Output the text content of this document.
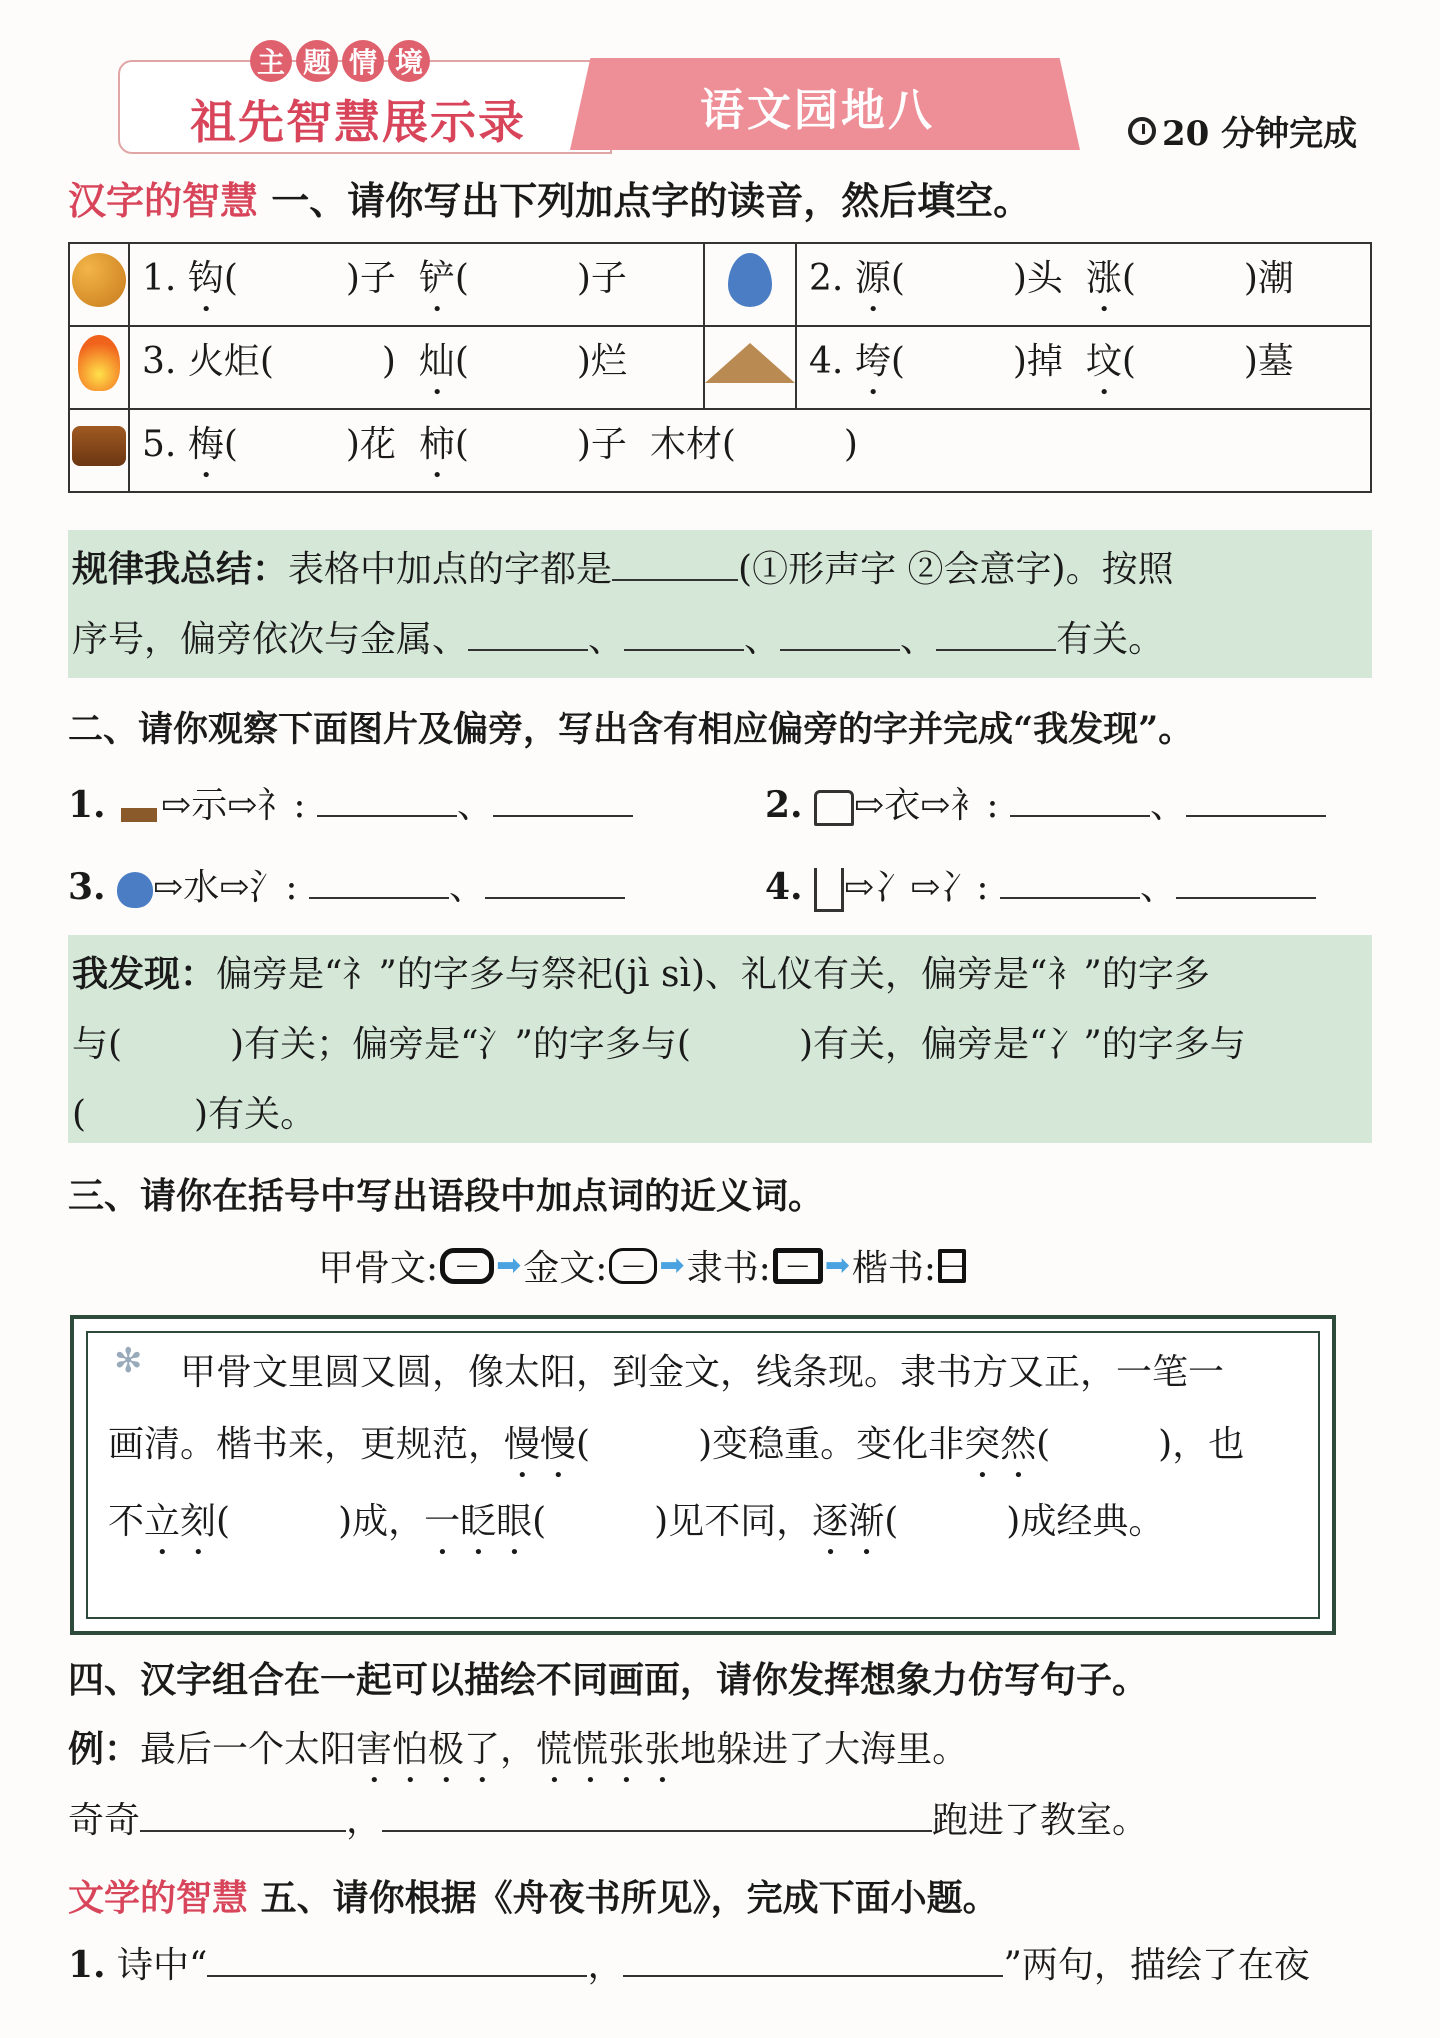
主 题 情 境
祖先智慧展示录	语文园地八	20 分钟完成
汉字的智慧 一、请你写出下列加点字的读音，然后填空。
	1. 钩(　　　)子 铲(　　　)子		2. 源(　　　)头 涨(　　　)潮
	3. 火炬(　　　) 灿(　　　)烂		4. 垮(　　　)掉 坟(　　　)墓
	5. 梅(　　　)花 柿(　　　)子 木材(　　　)		
规律我总结：表格中加点的字都是	(①形声字 ②会意字)。按照
序号，偏旁依次与金属、	、	、	、	有关。
二、请你观察下面图片及偏旁，写出含有相应偏旁的字并完成“我发现”。
1. ⇨⽰⇨礻:	、	2. ⇨⾐⇨衤:	、
3. ⇨⽔⇨氵:	、	4. ⇨⼎⇨冫:	、
我发现：偏旁是“礻”的字多与祭祀(jì sì)、礼仪有关，偏旁是“衤”的字多
与(　　　)有关；偏旁是“氵”的字多与(　　　)有关，偏旁是“冫”的字多与
(　　　)有关。
三、请你在括号中写出语段中加点词的近义词。
甲骨文: — ➡ 金文: — ➡ 隶书: — ➡ 楷书: —
✻	甲骨文里圆又圆，像太阳，到金文，线条现。隶书方又正，一笔一
画清。楷书来，更规范，慢慢(　　　)变稳重。变化非突然(　　　)，也
不立刻(　　　)成，一眨眼(　　　)见不同，逐渐(　　　)成经典。
四、汉字组合在一起可以描绘不同画面，请你发挥想象力仿写句子。
例：最后一个太阳害怕极了，慌慌张张地躲进了大海里。
奇奇	，	跑进了教室。
文学的智慧 五、请你根据《舟夜书所见》，完成下面小题。
1. 诗中“	，	”两句，描绘了在夜
